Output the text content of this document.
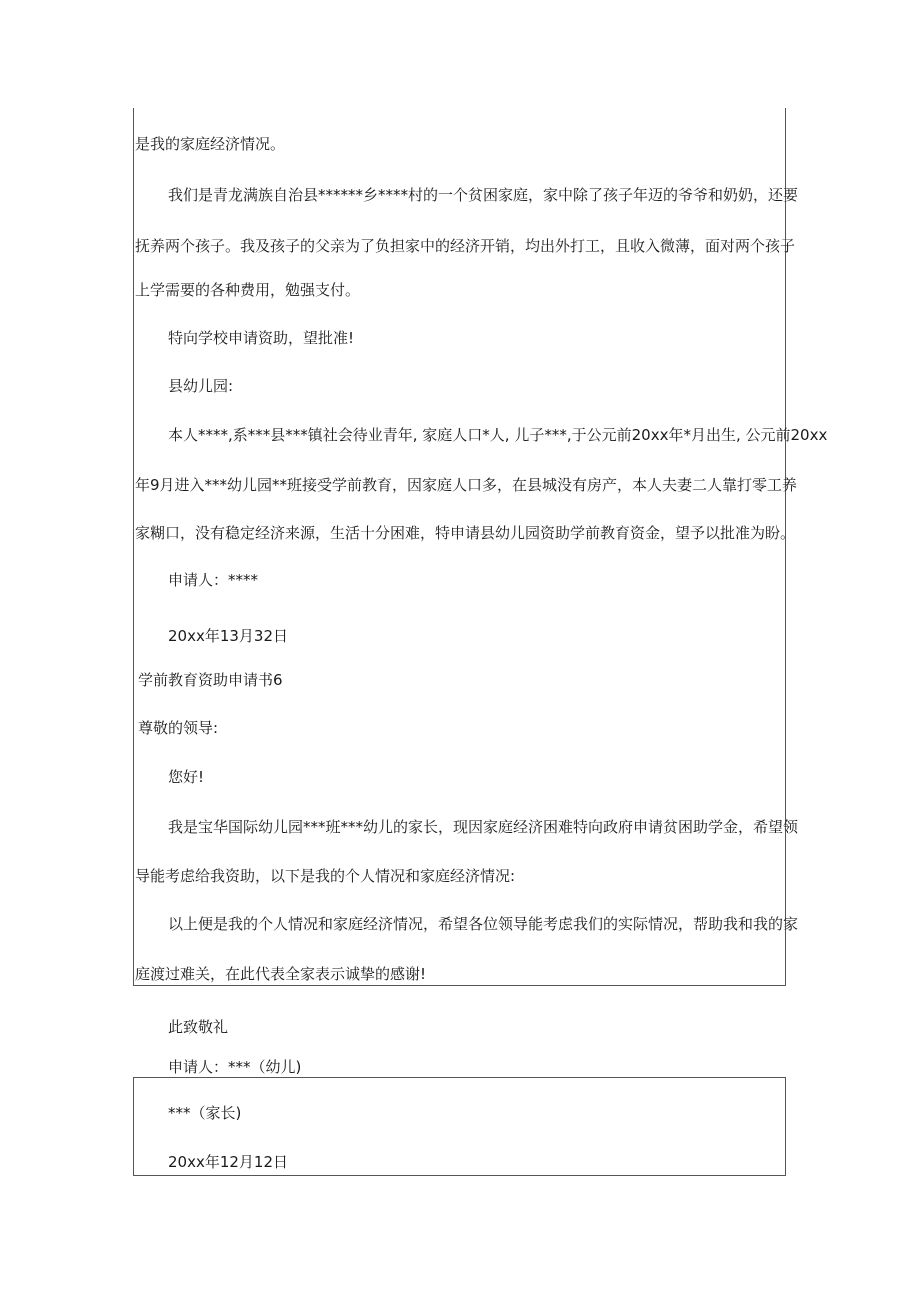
是我的家庭经济情况。

我们是青龙满族自治县******乡****村的一个贫困家庭，家中除了孩子年迈的爷爷和奶奶，还要

抚养两个孩子。我及孩子的父亲为了负担家中的经济开销，均出外打工，且收入微薄，面对两个孩子

上学需要的各种费用，勉强支付。

特向学校申请资助，望批准!

县幼儿园:

本人****,系***县***镇社会待业青年, 家庭人口*人, 儿子***,于公元前20xx年*月出生, 公元前20xx

年9月进入***幼儿园**班接受学前教育，因家庭人口多，在县城没有房产，本人夫妻二人靠打零工养

家糊口，没有稳定经济来源，生活十分困难，特申请县幼儿园资助学前教育资金，望予以批准为盼。

申请人：****

20xx年13月32日

学前教育资助申请书6

尊敬的领导:

您好!

我是宝华国际幼儿园***班***幼儿的家长，现因家庭经济困难特向政府申请贫困助学金，希望领

导能考虑给我资助，以下是我的个人情况和家庭经济情况:

以上便是我的个人情况和家庭经济情况，希望各位领导能考虑我们的实际情况，帮助我和我的家

庭渡过难关，在此代表全家表示诚挚的感谢!

此致敬礼

申请人：***（幼儿)

***（家长)

20xx年12月12日
